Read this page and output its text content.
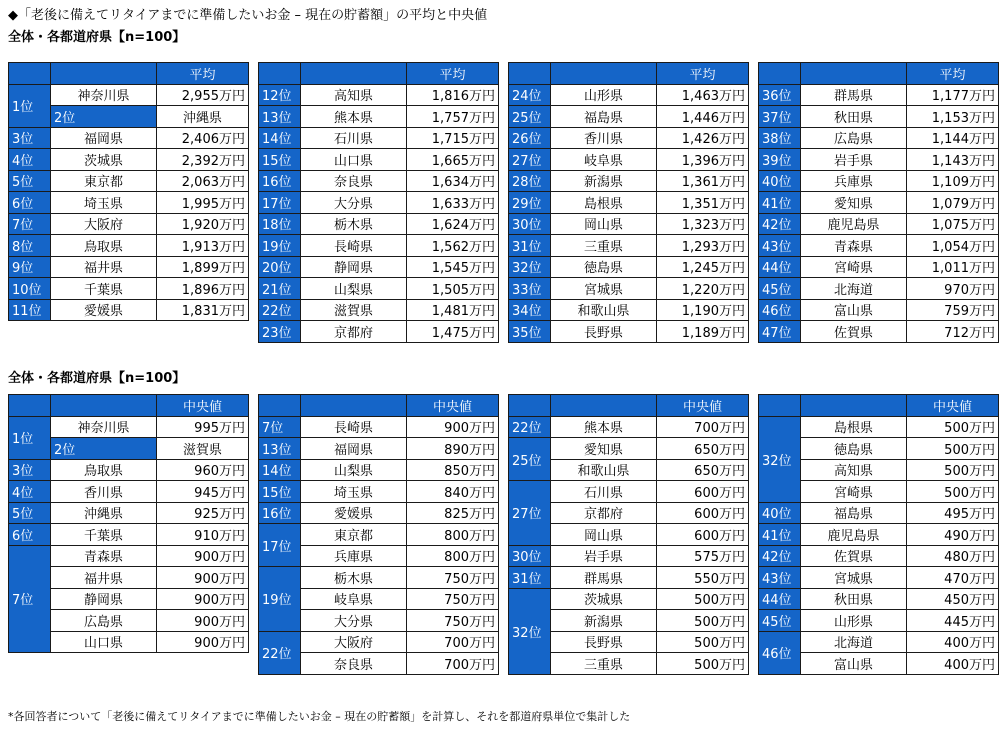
◆「老後に備えてリタイアまでに準備したいお金 – 現在の貯蓄額」の平均と中央値
全体・各都道府県【n=100】
		平均	
1位	神奈川県	2,955万円	
	2位	沖縄県	
3位	福岡県	2,406万円	
4位	茨城県	2,392万円	
5位	東京都	2,063万円	
6位	埼玉県	1,995万円	
7位	大阪府	1,920万円	
8位	鳥取県	1,913万円	
9位	福井県	1,899万円	
10位	千葉県	1,896万円	
11位	愛媛県	1,831万円	
		平均
12位	高知県	1,816万円
13位	熊本県	1,757万円
14位	石川県	1,715万円
15位	山口県	1,665万円
16位	奈良県	1,634万円
17位	大分県	1,633万円
18位	栃木県	1,624万円
19位	長崎県	1,562万円
20位	静岡県	1,545万円
21位	山梨県	1,505万円
22位	滋賀県	1,481万円
23位	京都府	1,475万円
		平均
24位	山形県	1,463万円
25位	福島県	1,446万円
26位	香川県	1,426万円
27位	岐阜県	1,396万円
28位	新潟県	1,361万円
29位	島根県	1,351万円
30位	岡山県	1,323万円
31位	三重県	1,293万円
32位	徳島県	1,245万円
33位	宮城県	1,220万円
34位	和歌山県	1,190万円
35位	長野県	1,189万円
		平均
36位	群馬県	1,177万円
37位	秋田県	1,153万円
38位	広島県	1,144万円
39位	岩手県	1,143万円
40位	兵庫県	1,109万円
41位	愛知県	1,079万円
42位	鹿児島県	1,075万円
43位	青森県	1,054万円
44位	宮崎県	1,011万円
45位	北海道	970万円
46位	富山県	759万円
47位	佐賀県	712万円
全体・各都道府県【n=100】
		中央値	
1位	神奈川県	995万円	
	2位	滋賀県	
3位	鳥取県	960万円	
4位	香川県	945万円	
5位	沖縄県	925万円	
6位	千葉県	910万円	
7位	青森県	900万円	
	福井県	900万円	
	静岡県	900万円	
	広島県	900万円	
	山口県	900万円	
		中央値
7位	長崎県	900万円
13位	福岡県	890万円
14位	山梨県	850万円
15位	埼玉県	840万円
16位	愛媛県	825万円
17位	東京都	800万円
	兵庫県	800万円
19位	栃木県	750万円
	岐阜県	750万円
	大分県	750万円
22位	大阪府	700万円
	奈良県	700万円
		中央値
22位	熊本県	700万円
25位	愛知県	650万円
	和歌山県	650万円
27位	石川県	600万円
	京都府	600万円
	岡山県	600万円
30位	岩手県	575万円
31位	群馬県	550万円
32位	茨城県	500万円
	新潟県	500万円
	長野県	500万円
	三重県	500万円
		中央値
32位	島根県	500万円
	徳島県	500万円
	高知県	500万円
	宮崎県	500万円
40位	福島県	495万円
41位	鹿児島県	490万円
42位	佐賀県	480万円
43位	宮城県	470万円
44位	秋田県	450万円
45位	山形県	445万円
46位	北海道	400万円
	富山県	400万円
*各回答者について「老後に備えてリタイアまでに準備したいお金 – 現在の貯蓄額」を計算し、それを都道府県単位で集計した
